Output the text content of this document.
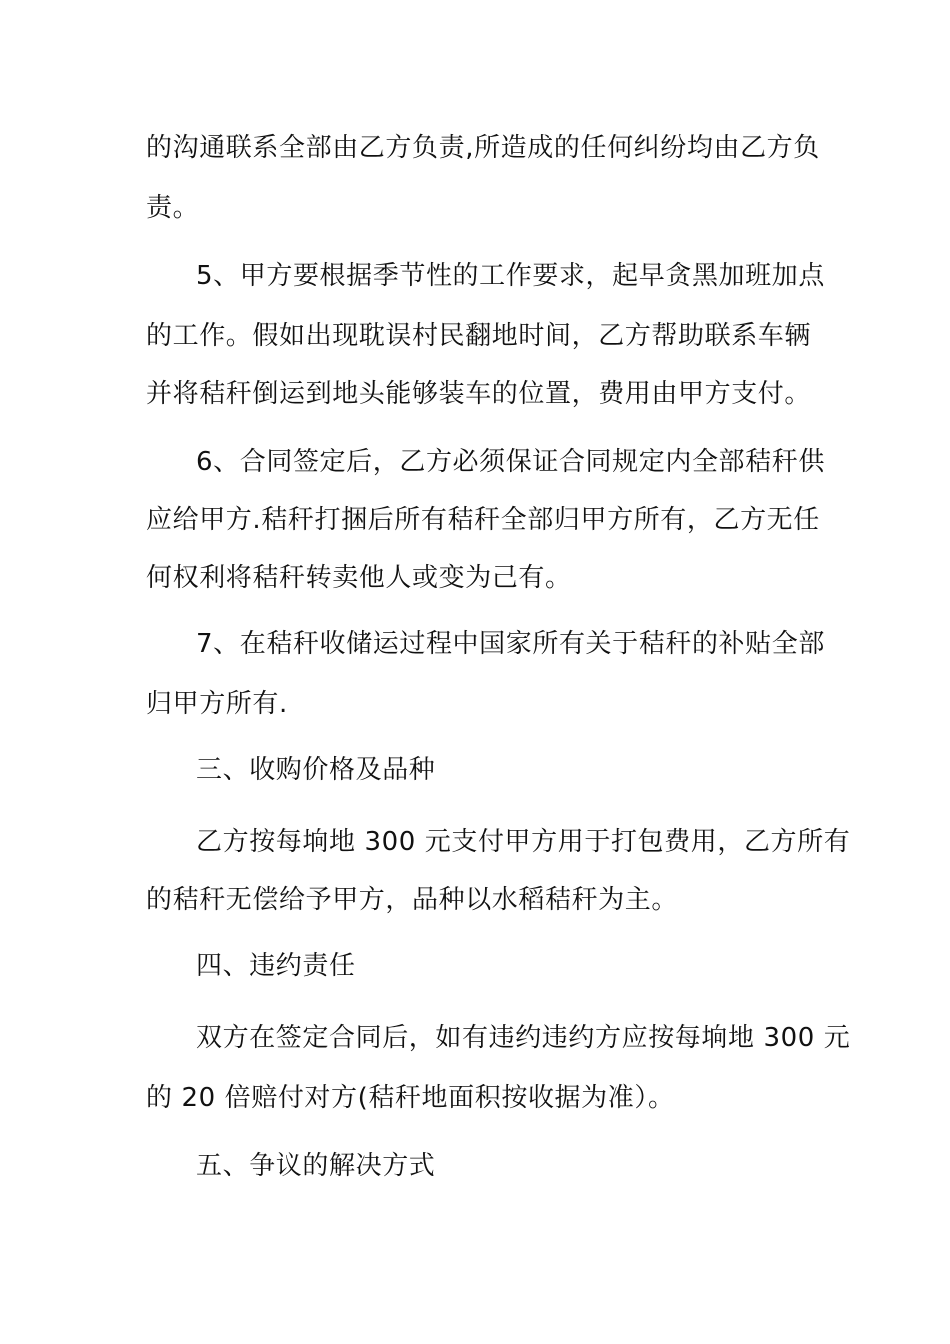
的沟通联系全部由乙方负责,所造成的任何纠纷均由乙方负
责。
5、甲方要根据季节性的工作要求，起早贪黑加班加点
的工作。假如出现耽误村民翻地时间，乙方帮助联系车辆
并将秸秆倒运到地头能够装车的位置，费用由甲方支付。
6、合同签定后，乙方必须保证合同规定内全部秸秆供
应给甲方.秸秆打捆后所有秸秆全部归甲方所有，乙方无任
何权利将秸秆转卖他人或变为己有。
7、在秸秆收储运过程中国家所有关于秸秆的补贴全部
归甲方所有.
三、收购价格及品种
乙方按每垧地 300 元支付甲方用于打包费用，乙方所有
的秸秆无偿给予甲方，品种以水稻秸秆为主。
四、违约责任
双方在签定合同后，如有违约违约方应按每垧地 300 元
的 20 倍赔付对方(秸秆地面积按收据为准）。
五、争议的解决方式
